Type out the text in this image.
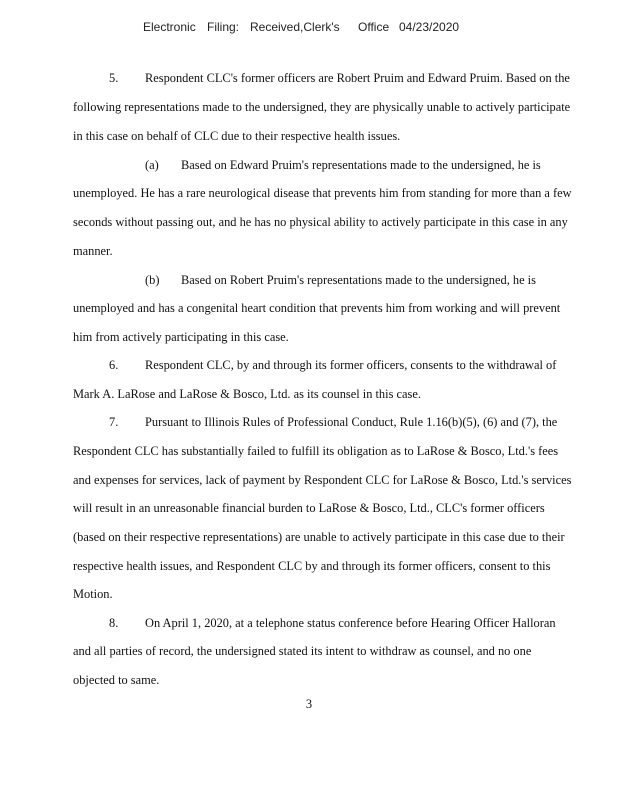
Electronic Filing: Received,Clerk's Office 04/23/2020
5. Respondent CLC's former officers are Robert Pruim and Edward Pruim. Based on the
following representations made to the undersigned, they are physically unable to actively participate
in this case on behalf of CLC due to their respective health issues.
(a) Based on Edward Pruim's representations made to the undersigned, he is
unemployed. He has a rare neurological disease that prevents him from standing for more than a few
seconds without passing out, and he has no physical ability to actively participate in this case in any
manner.
(b) Based on Robert Pruim's representations made to the undersigned, he is
unemployed and has a congenital heart condition that prevents him from working and will prevent
him from actively participating in this case.
6. Respondent CLC, by and through its former officers, consents to the withdrawal of
Mark A. LaRose and LaRose & Bosco, Ltd. as its counsel in this case.
7. Pursuant to Illinois Rules of Professional Conduct, Rule 1.16(b)(5), (6) and (7), the
Respondent CLC has substantially failed to fulfill its obligation as to LaRose & Bosco, Ltd.'s fees
and expenses for services, lack of payment by Respondent CLC for LaRose & Bosco, Ltd.'s services
will result in an unreasonable financial burden to LaRose & Bosco, Ltd., CLC's former officers
(based on their respective representations) are unable to actively participate in this case due to their
respective health issues, and Respondent CLC by and through its former officers, consent to this
Motion.
8. On April 1, 2020, at a telephone status conference before Hearing Officer Halloran
and all parties of record, the undersigned stated its intent to withdraw as counsel, and no one
objected to same.
3
